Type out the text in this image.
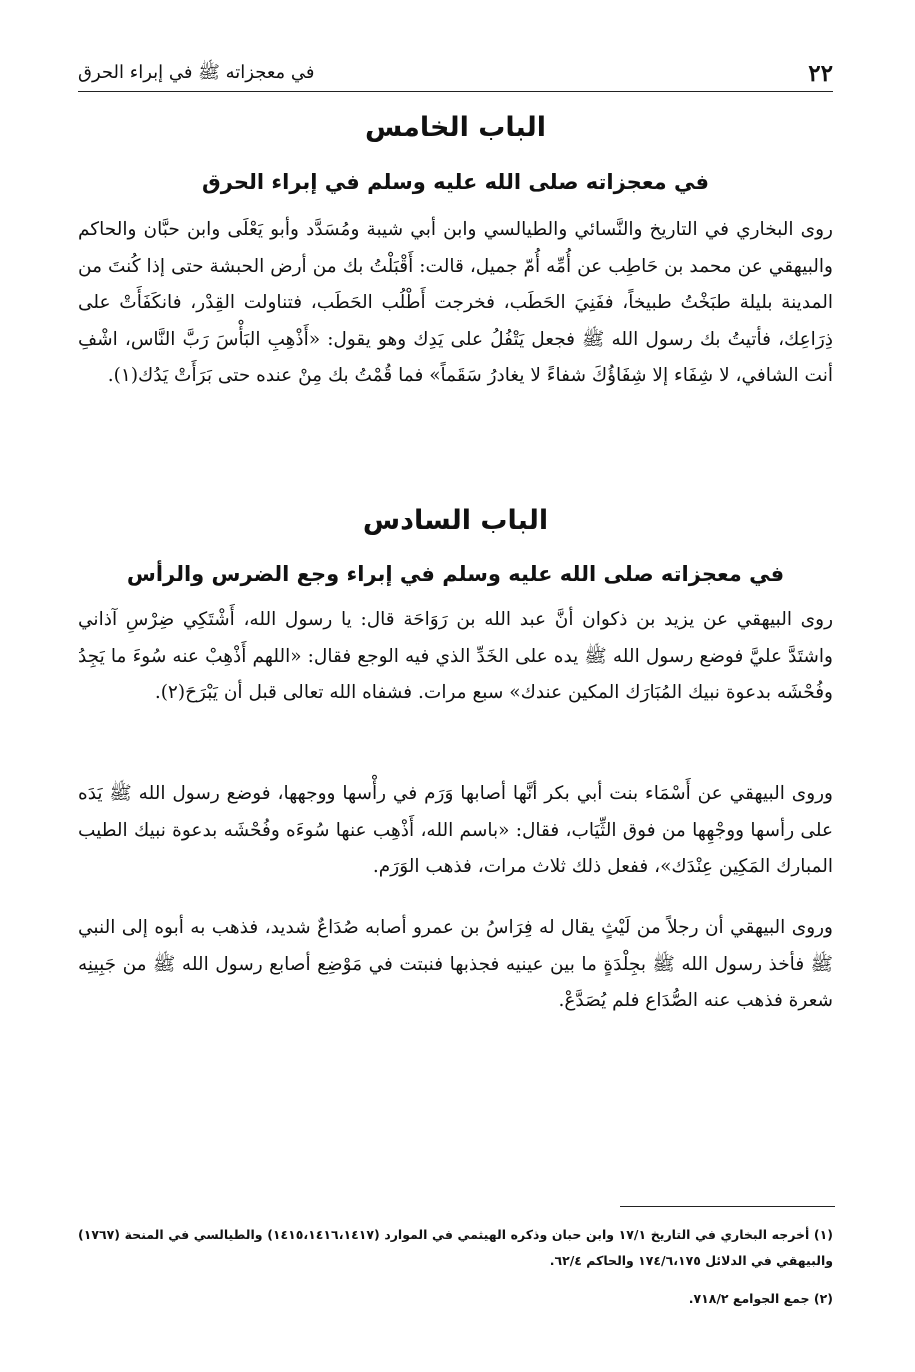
٢٢
في معجزاته ﷺ في إبراء الحرق
الباب الخامس
في معجزاته صلى الله عليه وسلم في إبراء الحرق

روى البخاري في التاريخ والنَّسائي والطيالسي وابن أبي شيبة ومُسَدَّد وأبو يَعْلَى وابن حبَّان والحاكم والبيهقي عن محمد بن حَاطِب عن أُمِّه أُمّ جميل، قالت: أَقْبَلْتُ بك من أرض الحبشة حتى إذا كُنتَ من المدينة بليلة طبَخْتُ طبيخاً، ففَنِيَ الحَطَب، فخرجت أَطْلُب الحَطَب، فتناولت القِدْر، فانكَفَأَتْ على ذِرَاعِك، فأتيتُ بك رسول الله ﷺ فجعل يَتْفُلُ على يَدِك وهو يقول: «أَذْهِبِ البَأْسَ رَبَّ النَّاس، اشْفِ أنت الشافي، لا شِفَاء إلا شِفَاؤُكَ شفاءً لا يغادرُ سَقَماً» فما قُمْتُ بك مِنْ عنده حتى بَرَأَتْ يَدُك(١).

الباب السادس
في معجزاته صلى الله عليه وسلم في إبراء وجع الضرس والرأس

روى البيهقي عن يزيد بن ذكوان أنَّ عبد الله بن رَوَاحَة قال: يا رسول الله، أَشْتَكِي ضِرْسِ آذاني واشتَدَّ عليَّ فوضع رسول الله ﷺ يده على الخَدِّ الذي فيه الوجع فقال: «اللهم أَذْهِبْ عنه سُوءَ ما يَجِدُ وفُحْشَه بدعوة نبيك المُبَارَك المكين عندك» سبع مرات. فشفاه الله تعالى قبل أن يَبْرَحَ(٢).

وروى البيهقي عن أَسْمَاء بنت أبي بكر أنَّها أصابها وَرَم في رأْسها ووجهها، فوضع رسول الله ﷺ يَدَه على رأسها ووجْهِها من فوق الثِّيَاب، فقال: «باسم الله، أَذْهِب عنها سُوءَه وفُحْشَه بدعوة نبيك الطيب المبارك المَكِين عِنْدَك»، ففعل ذلك ثلاث مرات، فذهب الوَرَم.

وروى البيهقي أن رجلاً من لَيْثٍ يقال له فِرَاسُ بن عمرو أصابه صُدَاعٌ شديد، فذهب به أبوه إلى النبي ﷺ فأخذ رسول الله ﷺ بجِلْدَةٍ ما بين عينيه فجذبها فنبتت في مَوْضِع أصابع رسول الله ﷺ من جَبِينِه شعرة فذهب عنه الصُّدَاع فلم يُصَدَّعْ.

(١) أخرجه البخاري في التاريخ ١٧/١ وابن حبان وذكره الهيثمي في الموارد (١٤١٥،١٤١٦،١٤١٧) والطيالسي في المنحة (١٧٦٧) والبيهقي في الدلائل ١٧٤/٦،١٧٥ والحاكم ٦٢/٤.

(٢) جمع الجوامع ٧١٨/٢.
